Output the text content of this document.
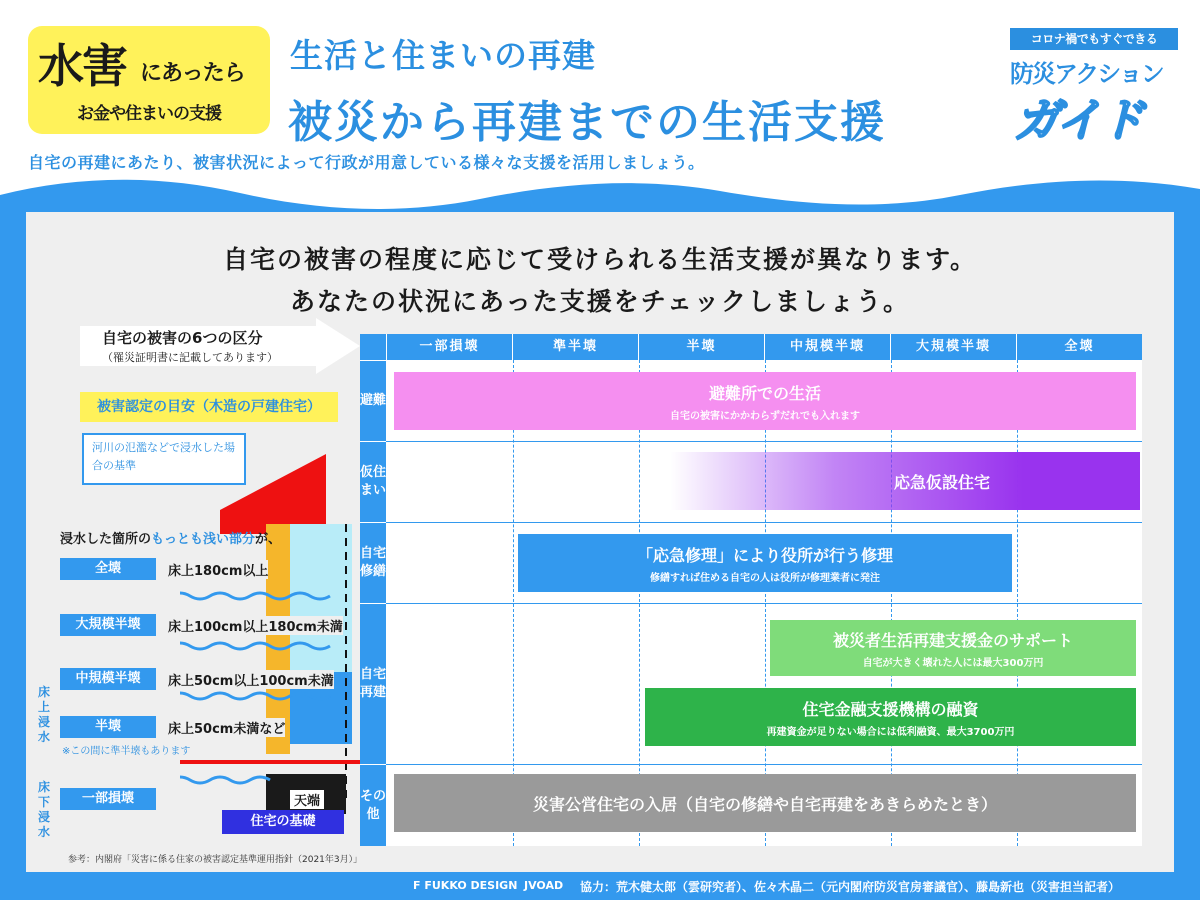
水害 にあったら
お金や住まいの支援
生活と住まいの再建
被災から再建までの生活支援
コロナ禍でもすぐできる
防災アクション
ガイド
自宅の再建にあたり、被害状況によって行政が用意している様々な支援を活用しましょう。
自宅の被害の程度に応じて受けられる生活支援が異なります。
あなたの状況にあった支援をチェックしましょう。
自宅の被害の6つの区分
（罹災証明書に記載してあります）
被害認定の目安（木造の戸建住宅）
河川の氾濫などで浸水した場合の基準
浸水した箇所のもっとも浅い部分が、
全壊	床上180cm以上
大規模半壊	床上100cm以上180cm未満
中規模半壊	床上50cm以上100cm未満
半壊	床上50cm未満など
一部損壊
※この間に準半壊もあります
床上浸水
床下浸水
天端
住宅の基礎
参考：内閣府「災害に係る住家の被害認定基準運用指針（2021年3月）」
一部損壊	準半壊	半壊	中規模半壊	大規模半壊	全壊
避難
仮住まい
自宅修繕
自宅再建
その他
避難所での生活
自宅の被害にかかわらずだれでも入れます
応急仮設住宅
「応急修理」により役所が行う修理
修繕すれば住める自宅の人は役所が修理業者に発注
被災者生活再建支援金のサポート
自宅が大きく壊れた人には最大300万円
住宅金融支援機構の融資
再建資金が足りない場合には低利融資、最大3700万円
災害公営住宅の入居（自宅の修繕や自宅再建をあきらめたとき）
F FUKKO DESIGN JVOAD 協力：荒木健太郎（雲研究者）、佐々木晶二（元内閣府防災官房審議官）、藤島新也（災害担当記者）
